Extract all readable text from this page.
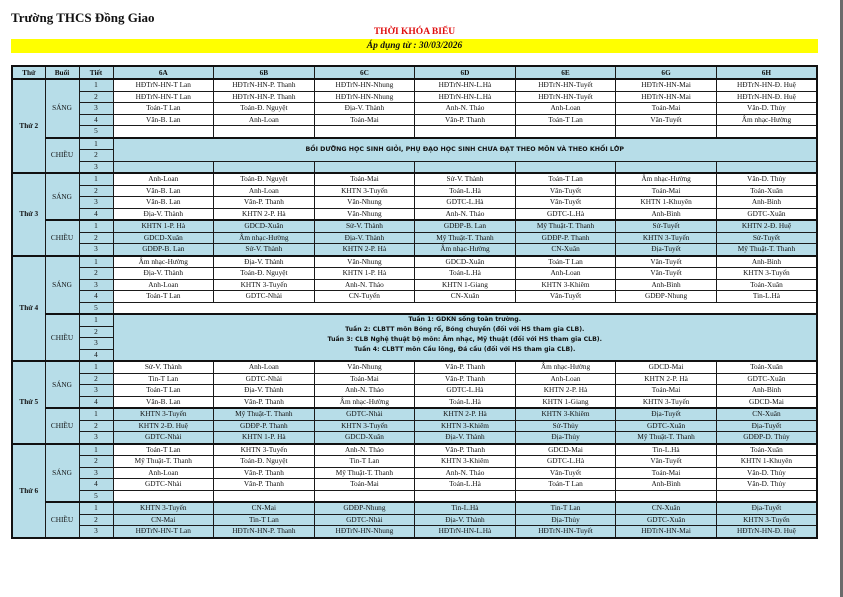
Trường THCS Đồng Giao
THỜI KHÓA BIỂU
Áp dụng từ : 30/03/2026
Thứ	Buổi	Tiết	6A	6B	6C	6D	6E	6G	6H
Thứ 2	SÁNG	1	HĐTrN-HN-T Lan	HĐTrN-HN-P. Thanh	HĐTrN-HN-Nhung	HĐTrN-HN-L.Hà	HĐTrN-HN-Tuyết	HĐTrN-HN-Mai	HĐTrN-HN-Đ. Huệ
		2	HĐTrN-HN-T Lan	HĐTrN-HN-P. Thanh	HĐTrN-HN-Nhung	HĐTrN-HN-L.Hà	HĐTrN-HN-Tuyết	HĐTrN-HN-Mai	HĐTrN-HN-Đ. Huệ
		3	Toán-T Lan	Toán-Đ. Nguyệt	Địa-V. Thành	Anh-N. Thảo	Anh-Loan	Toán-Mai	Văn-D. Thủy
		4	Văn-B. Lan	Anh-Loan	Toán-Mai	Văn-P. Thanh	Toán-T Lan	Văn-Tuyết	Âm nhạc-Hường
		5							
	CHIỀU	1	BỒI DƯỠNG HỌC SINH GIỎI, PHỤ ĐẠO HỌC SINH CHƯA ĐẠT THEO MÔN VÀ THEO KHỐI LỚP						
		2							
		3							
Thứ 3	SÁNG	1	Anh-Loan	Toán-Đ. Nguyệt	Toán-Mai	Sử-V. Thành	Toán-T Lan	Âm nhạc-Hường	Văn-D. Thủy
		2	Văn-B. Lan	Anh-Loan	KHTN 3-Tuyến	Toán-L.Hà	Văn-Tuyết	Toán-Mai	Toán-Xuân
		3	Văn-B. Lan	Văn-P. Thanh	Văn-Nhung	GDTC-L.Hà	Văn-Tuyết	KHTN 1-Khuyên	Anh-Bình
		4	Địa-V. Thành	KHTN 2-P. Hà	Văn-Nhung	Anh-N. Thảo	GDTC-L.Hà	Anh-Bình	GDTC-Xuân
	CHIỀU	1	KHTN 1-P. Hà	GDCD-Xuân	Sử-V. Thành	GDĐP-B. Lan	Mỹ Thuật-T. Thanh	Sử-Tuyết	KHTN 2-Đ. Huệ
		2	GDCD-Xuân	Âm nhạc-Hường	Địa-V. Thành	Mỹ Thuật-T. Thanh	GDĐP-P. Thanh	KHTN 3-Tuyến	Sử-Tuyết
		3	GDĐP-B. Lan	Sử-V. Thành	KHTN 2-P. Hà	Âm nhạc-Hường	CN-Xuân	Địa-Tuyết	Mỹ Thuật-T. Thanh
Thứ 4	SÁNG	1	Âm nhạc-Hường	Địa-V. Thành	Văn-Nhung	GDCD-Xuân	Toán-T Lan	Văn-Tuyết	Anh-Bình
		2	Địa-V. Thành	Toán-Đ. Nguyệt	KHTN 1-P. Hà	Toán-L.Hà	Anh-Loan	Văn-Tuyết	KHTN 3-Tuyến
		3	Anh-Loan	KHTN 3-Tuyến	Anh-N. Thảo	KHTN 1-Giang	KHTN 3-Khiêm	Anh-Bình	Toán-Xuân
		4	Toán-T Lan	GDTC-Nhài	CN-Tuyến	CN-Xuân	Văn-Tuyết	GDĐP-Nhung	Tin-L.Hà
		5							
	CHIỀU	1	Tuần 1: GDKN sống toàn trường.
Tuần 2: CLBTT môn Bóng rổ, Bóng chuyền (đối với HS tham gia CLB).
Tuần 3: CLB Nghệ thuật bộ môn: Âm nhạc, Mỹ thuật (đối với HS tham gia CLB).
Tuần 4: CLBTT môn Cầu lông, Đá cầu (đối với HS tham gia CLB).						

		2							
		3							
		4							
Thứ 5	SÁNG	1	Sử-V. Thành	Anh-Loan	Văn-Nhung	Văn-P. Thanh	Âm nhạc-Hường	GDCD-Mai	Toán-Xuân
		2	Tin-T Lan	GDTC-Nhài	Toán-Mai	Văn-P. Thanh	Anh-Loan	KHTN 2-P. Hà	GDTC-Xuân
		3	Toán-T Lan	Địa-V. Thành	Anh-N. Thảo	GDTC-L.Hà	KHTN 2-P. Hà	Toán-Mai	Anh-Bình
		4	Văn-B. Lan	Văn-P. Thanh	Âm nhạc-Hường	Toán-L.Hà	KHTN 1-Giang	KHTN 3-Tuyến	GDCD-Mai
	CHIỀU	1	KHTN 3-Tuyến	Mỹ Thuật-T. Thanh	GDTC-Nhài	KHTN 2-P. Hà	KHTN 3-Khiêm	Địa-Tuyết	CN-Xuân
		2	KHTN 2-Đ. Huệ	GDĐP-P. Thanh	KHTN 3-Tuyến	KHTN 3-Khiêm	Sử-Thủy	GDTC-Xuân	Địa-Tuyết
		3	GDTC-Nhài	KHTN 1-P. Hà	GDCD-Xuân	Địa-V. Thành	Địa-Thủy	Mỹ Thuật-T. Thanh	GDĐP-D. Thủy
Thứ 6	SÁNG	1	Toán-T Lan	KHTN 3-Tuyến	Anh-N. Thảo	Văn-P. Thanh	GDCD-Mai	Tin-L.Hà	Toán-Xuân
		2	Mỹ Thuật-T. Thanh	Toán-Đ. Nguyệt	Tin-T Lan	KHTN 3-Khiêm	GDTC-L.Hà	Văn-Tuyết	KHTN 1-Khuyên
		3	Anh-Loan	Văn-P. Thanh	Mỹ Thuật-T. Thanh	Anh-N. Thảo	Văn-Tuyết	Toán-Mai	Văn-D. Thủy
		4	GDTC-Nhài	Văn-P. Thanh	Toán-Mai	Toán-L.Hà	Toán-T Lan	Anh-Bình	Văn-D. Thủy
		5							
	CHIỀU	1	KHTN 3-Tuyến	CN-Mai	GDĐP-Nhung	Tin-L.Hà	Tin-T Lan	CN-Xuân	Địa-Tuyết
		2	CN-Mai	Tin-T Lan	GDTC-Nhài	Địa-V. Thành	Địa-Thủy	GDTC-Xuân	KHTN 3-Tuyến
		3	HĐTrN-HN-T Lan	HĐTrN-HN-P. Thanh	HĐTrN-HN-Nhung	HĐTrN-HN-L.Hà	HĐTrN-HN-Tuyết	HĐTrN-HN-Mai	HĐTrN-HN-Đ. Huệ
